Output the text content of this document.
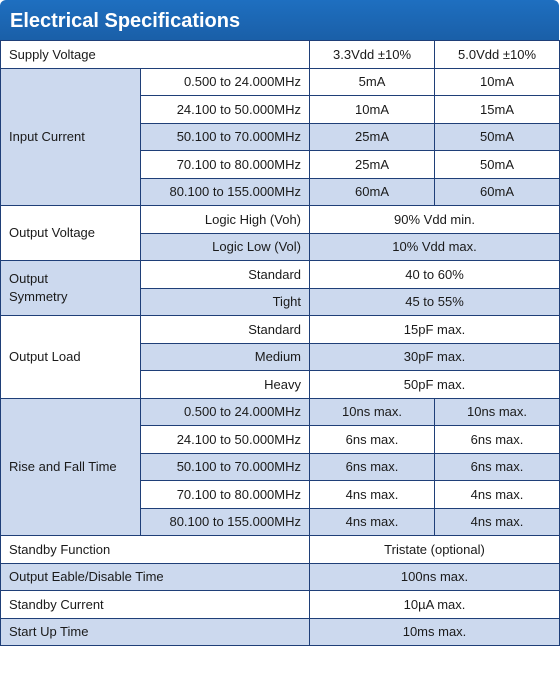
Electrical Specifications
Supply Voltage		3.3Vdd ±10%	5.0Vdd ±10%
Input Current	0.500 to 24.000MHz	5mA	10mA
	24.100 to 50.000MHz	10mA	15mA
	50.100 to 70.000MHz	25mA	50mA
	70.100 to 80.000MHz	25mA	50mA
	80.100 to 155.000MHz	60mA	60mA
Output Voltage	Logic High (Voh)	90% Vdd min.	
	Logic Low (Vol)	10% Vdd max.	
Output
Symmetry	Standard	40 to 60%	
	Tight	45 to 55%	
Output Load	Standard	15pF max.	
	Medium	30pF max.	
	Heavy	50pF max.	
Rise and Fall Time	0.500 to 24.000MHz	10ns max.	10ns max.
	24.100 to 50.000MHz	6ns max.	6ns max.
	50.100 to 70.000MHz	6ns max.	6ns max.
	70.100 to 80.000MHz	4ns max.	4ns max.
	80.100 to 155.000MHz	4ns max.	4ns max.
Standby Function		Tristate (optional)	
Output Eable/Disable Time		100ns max.	
Standby Current		10µA max.	
Start Up Time		10ms max.	
